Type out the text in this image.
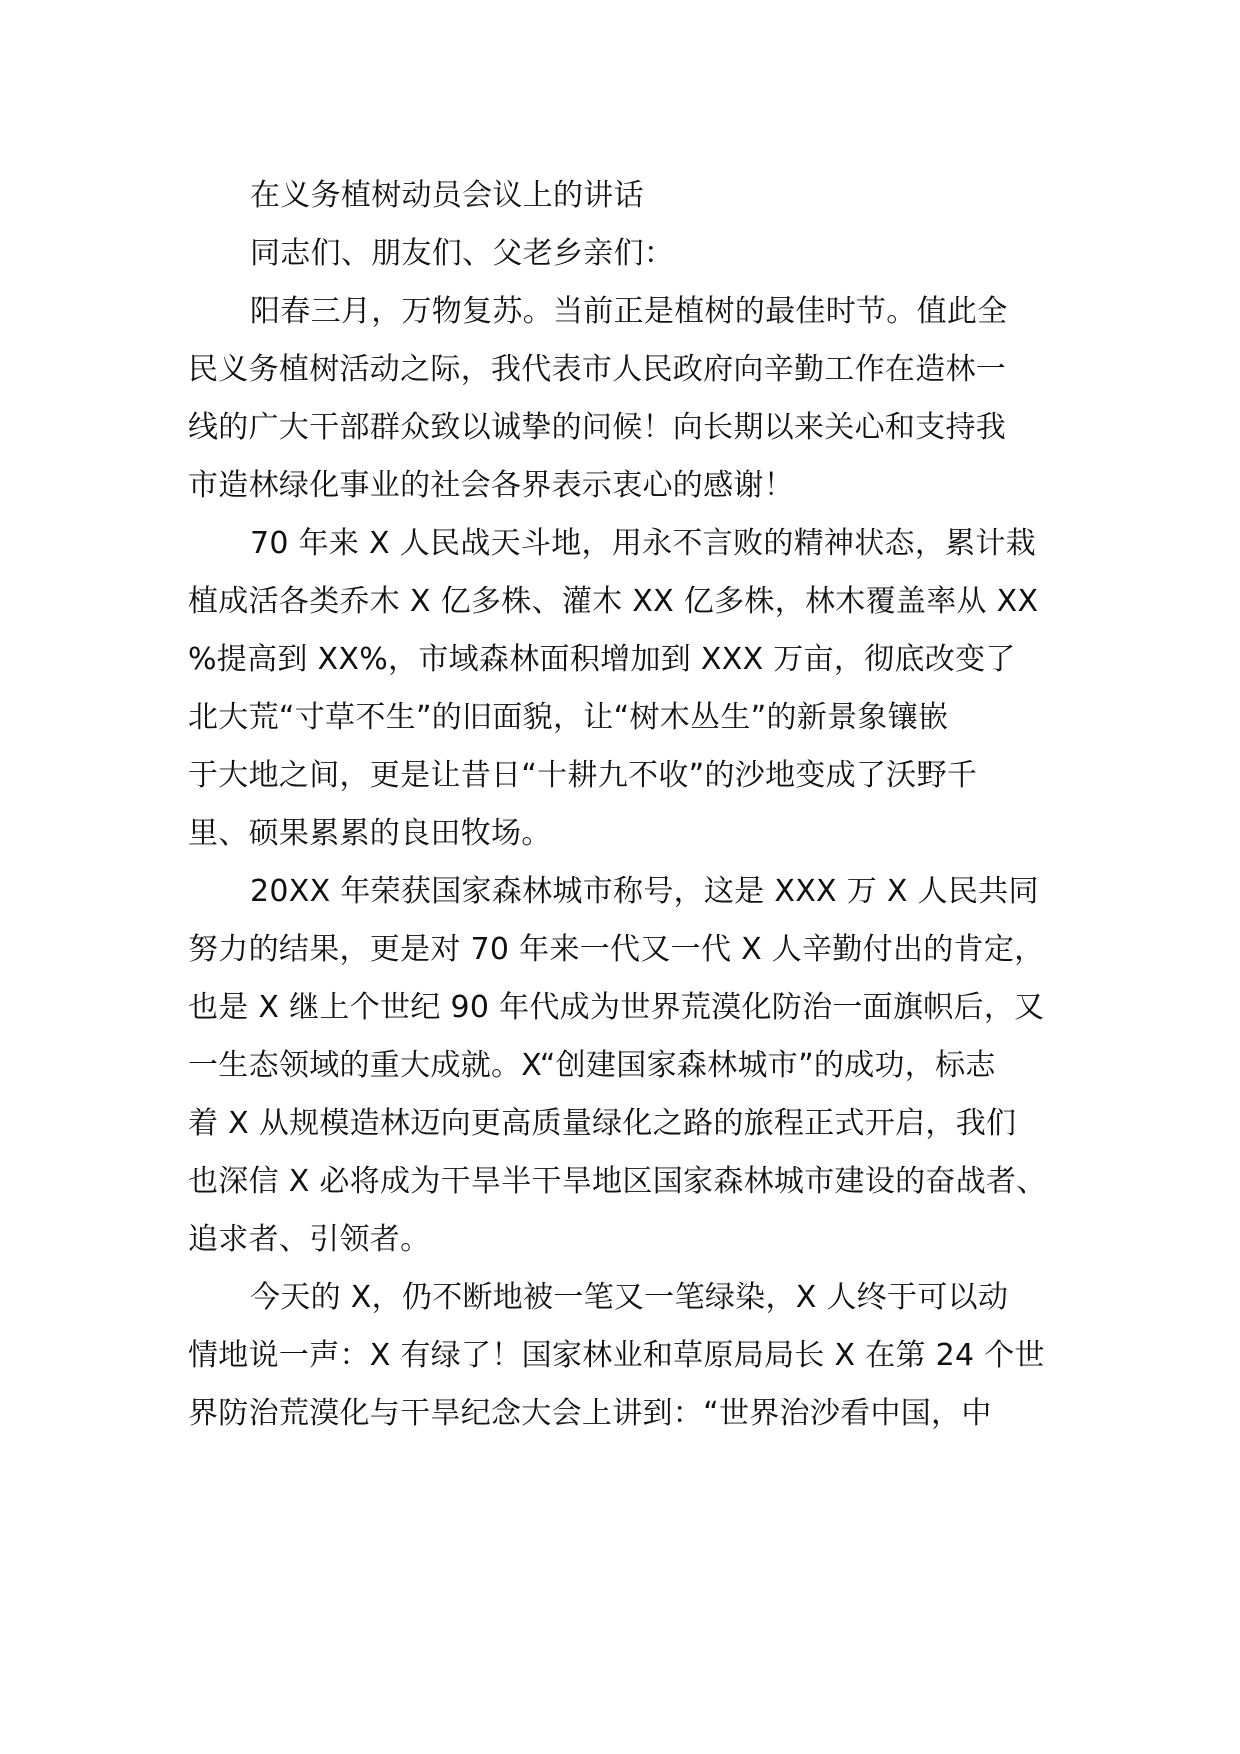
在义务植树动员会议上的讲话
同志们、朋友们、父老乡亲们：
阳春三月，万物复苏。当前正是植树的最佳时节。值此全
民义务植树活动之际，我代表市人民政府向辛勤工作在造林一
线的广大干部群众致以诚挚的问候！向长期以来关心和支持我
市造林绿化事业的社会各界表示衷心的感谢！
70 年来 X 人民战天斗地，用永不言败的精神状态，累计栽
植成活各类乔木 X 亿多株、灌木 XX 亿多株，林木覆盖率从 XX
%提高到 XX%，市域森林面积增加到 XXX 万亩，彻底改变了
北大荒“寸草不生”的旧面貌，让“树木丛生”的新景象镶嵌
于大地之间，更是让昔日“十耕九不收”的沙地变成了沃野千
里、硕果累累的良田牧场。
20XX 年荣获国家森林城市称号，这是 XXX 万 X 人民共同
努力的结果，更是对 70 年来一代又一代 X 人辛勤付出的肯定，
也是 X 继上个世纪 90 年代成为世界荒漠化防治一面旗帜后，又
一生态领域的重大成就。X“创建国家森林城市”的成功，标志
着 X 从规模造林迈向更高质量绿化之路的旅程正式开启，我们
也深信 X 必将成为干旱半干旱地区国家森林城市建设的奋战者、
追求者、引领者。
今天的 X，仍不断地被一笔又一笔绿染，X 人终于可以动
情地说一声：X 有绿了！国家林业和草原局局长 X 在第 24 个世
界防治荒漠化与干旱纪念大会上讲到：“世界治沙看中国，中
